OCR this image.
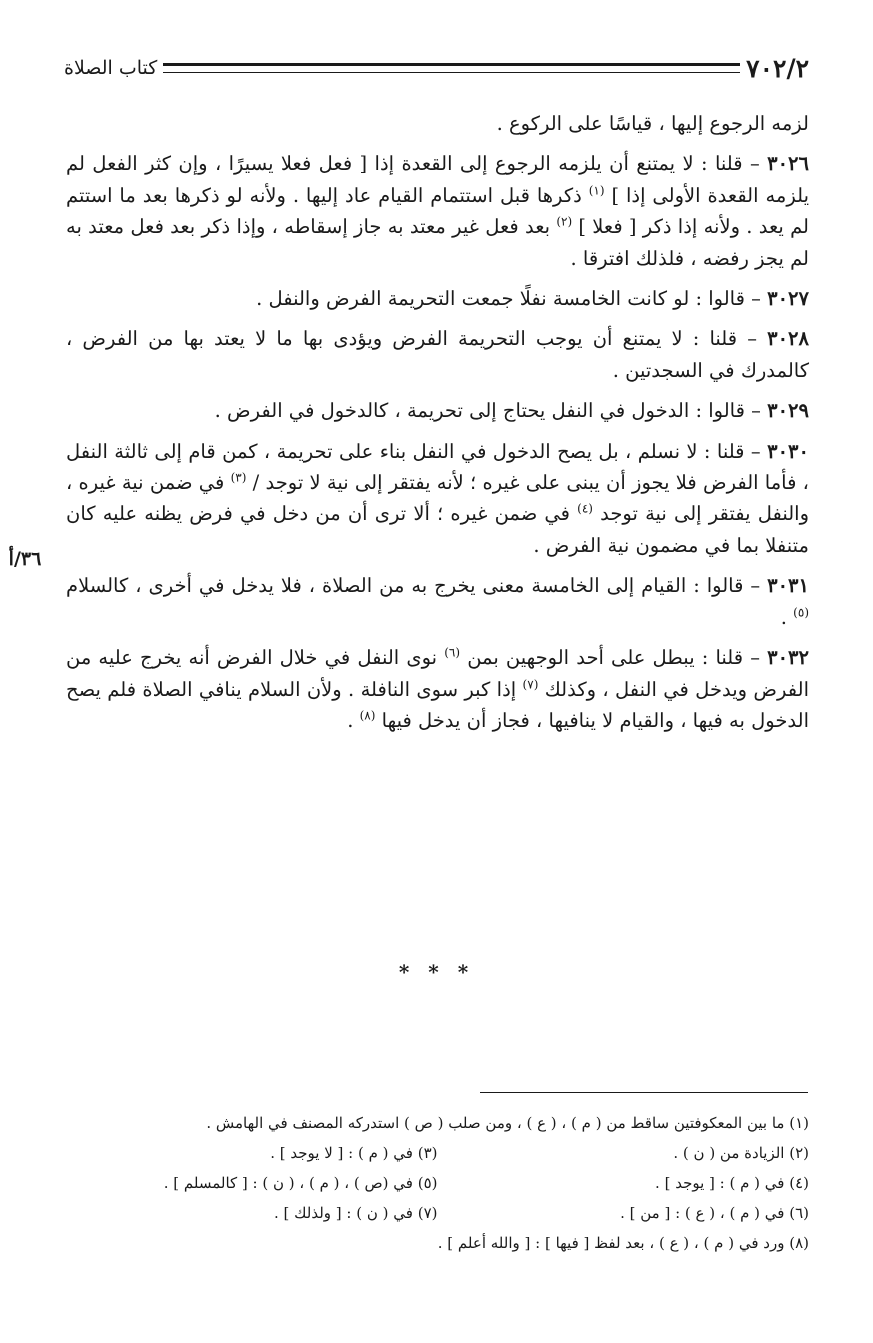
٧٠٢/٢
كتاب الصلاة

لزمه الرجوع إليها ، قياسًا على الركوع .

٣٠٢٦ – قلنا : لا يمتنع أن يلزمه الرجوع إلى القعدة إذا [ فعل فعلا يسيرًا ، وإن كثر الفعل لم يلزمه القعدة الأولى إذا ] $^{(١)}$ ذكرها قبل استتمام القيام عاد إليها . ولأنه لو ذكرها بعد ما استتم لم يعد . ولأنه إذا ذكر [ فعلا ] $^{(٢)}$ بعد فعل غير معتد به جاز إسقاطه ، وإذا ذكر بعد فعل معتد به لم يجز رفضه ، فلذلك افترقا .

٣٠٢٧ – قالوا : لو كانت الخامسة نفلًا جمعت التحريمة الفرض والنفل .

٣٠٢٨ – قلنا : لا يمتنع أن يوجب التحريمة الفرض ويؤدى بها ما لا يعتد بها من الفرض ، كالمدرك في السجدتين .

٣٠٢٩ – قالوا : الدخول في النفل يحتاج إلى تحريمة ، كالدخول في الفرض .

٣٠٣٠ – قلنا : لا نسلم ، بل يصح الدخول في النفل بناء على تحريمة ، كمن قام إلى ثالثة النفل ، فأما الفرض فلا يجوز أن يبنى على غيره ؛ لأنه يفتقر إلى نية لا توجد / $^{(٣)}$ في ضمن نية غيره ، والنفل يفتقر إلى نية توجد $^{(٤)}$ في ضمن غيره ؛ ألا ترى أن من دخل في فرض يظنه عليه كان متنفلا بما في مضمون نية الفرض .

٣٠٣١ – قالوا : القيام إلى الخامسة معنى يخرج به من الصلاة ، فلا يدخل في أخرى ، كالسلام $^{(٥)}$ .

٣٠٣٢ – قلنا : يبطل على أحد الوجهين بمن $^{(٦)}$ نوى النفل في خلال الفرض أنه يخرج عليه من الفرض ويدخل في النفل ، وكذلك $^{(٧)}$ إذا كبر سوى النافلة . ولأن السلام ينافي الصلاة فلم يصح الدخول به فيها ، والقيام لا ينافيها ، فجاز أن يدخل فيها $^{(٨)}$ .

٣٦/أ
* * *
(١) ما بين المعكوفتين ساقط من ( م ) ، ( ع ) ، ومن صلب ( ص ) استدركه المصنف في الهامش .
(٢) الزيادة من ( ن ) .
(٣) في ( م ) : [ لا يوجد ] .
(٤) في ( م ) : [ يوجد ] .
(٥) في (ص ) ، ( م ) ، ( ن ) : [ كالمسلم ] .
(٦) في ( م ) ، ( ع ) : [ من ] .
(٧) في ( ن ) : [ ولذلك ] .
(٨) ورد في ( م ) ، ( ع ) ، بعد لفظ [ فيها ] : [ والله أعلم ] .
